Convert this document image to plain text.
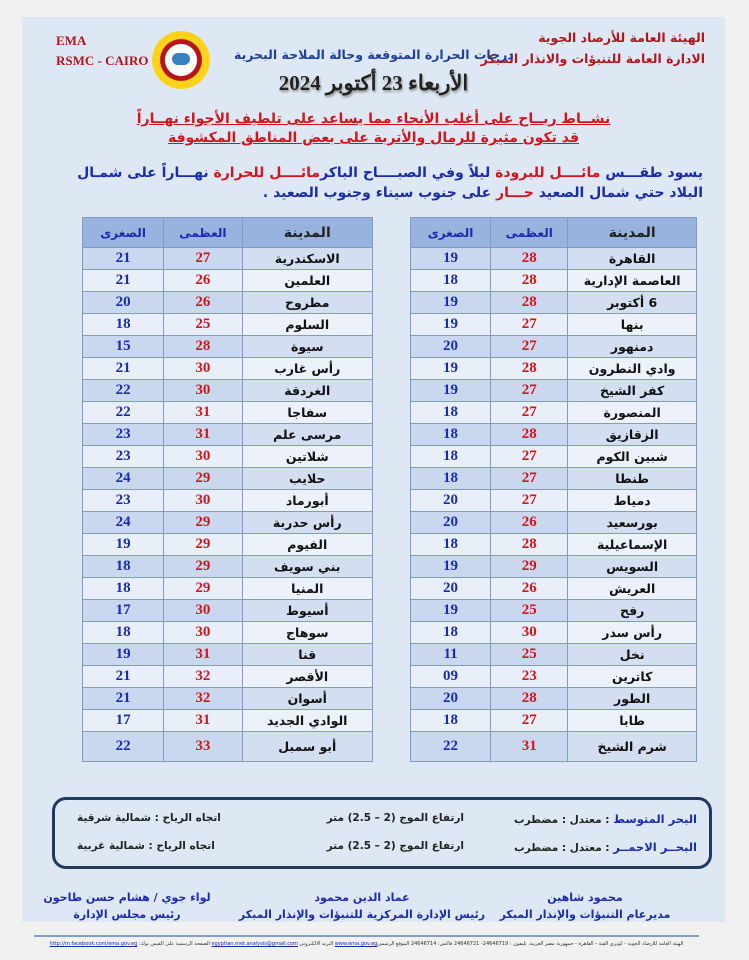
EMA
RSMC - CAIRO
الهيئة العامة للأرصاد الجوية
الادارة العامة للتنبؤات والانذار المبكر
درجات الحرارة المتوقعة وحالة الملاحة البحرية
الأربعاء 23 أكتوبر 2024
نشــاط ريــاح على أغلب الأنحاء مما يساعد على تلطيف الأجواء نهــاراً
قد تكون مثيرة للرمال والأتربة على بعض المناطق المكشوفة
يسود طقـــس مائــــل للبرودة ليلاً وفي الصبــــاح الباكرمائــــل للحرارة نهـــاراً على شمـال البلاد حتي شمال الصعيد حـــار على جنوب سيناء وجنوب الصعيد .
المدينة	العظمى	الصغرى
القاهرة	28	19
العاصمة الإدارية	28	18
6 أكتوبر	28	19
بنها	27	19
دمنهور	27	20
وادي النطرون	28	19
كفر الشيخ	27	19
المنصورة	27	18
الزقازيق	28	18
شبين الكوم	27	18
طنطا	27	18
دمياط	27	20
بورسعيد	26	20
الإسماعيلية	28	18
السويس	29	19
العريش	26	20
رفح	25	19
رأس سدر	30	18
نخل	25	11
كاترين	23	09
الطور	28	20
طابا	27	18
شرم الشيخ	31	22
المدينة	العظمى	الصغرى
الاسكندرية	27	21
العلمين	26	21
مطروح	26	20
السلوم	25	18
سيوة	28	15
رأس غارب	30	21
الغردقة	30	22
سفاجا	31	22
مرسى علم	31	23
شلاتين	30	23
حلايب	29	24
أبورماد	30	23
رأس حدربة	29	24
الفيوم	29	19
بني سويف	29	18
المنيا	29	18
أسيوط	30	17
سوهاج	30	18
قنا	31	19
الأقصر	32	21
أسوان	32	21
الوادي الجديد	31	17
أبو سمبل	33	22
البحر المتوسط : معتدل : مضطرب
ارتفاع الموج (2 – 2.5) متر
اتجاه الرياح : شمالية شرقية
البحــر الاحمــر : معتدل : مضطرب
ارتفاع الموج (2 – 2.5) متر
اتجاه الرياح : شمالية غربية
محمود شاهين
مديرعام التنبؤات والإنذار المبكر
عماد الدين محمود
رئيس الإدارة المركزية للتنبؤات والإنذار المبكر
لواء جوي / هشام حسن طاحون
رئيس مجلس الإدارة
الهيئة العامة للأرصاد الجوية - كوبري القبة - القاهرة - جمهورية مصر العربية. تليفون : 24646719- 24646721 فاكس: 24646714 الموقع الرسميwww.ema.gov.eg البريد الالكتروني egyptian.met.analysis@gmail.com الصفحة الرسمية على الفيس بوك: http://m.facebook.com/ema.gov.eg
